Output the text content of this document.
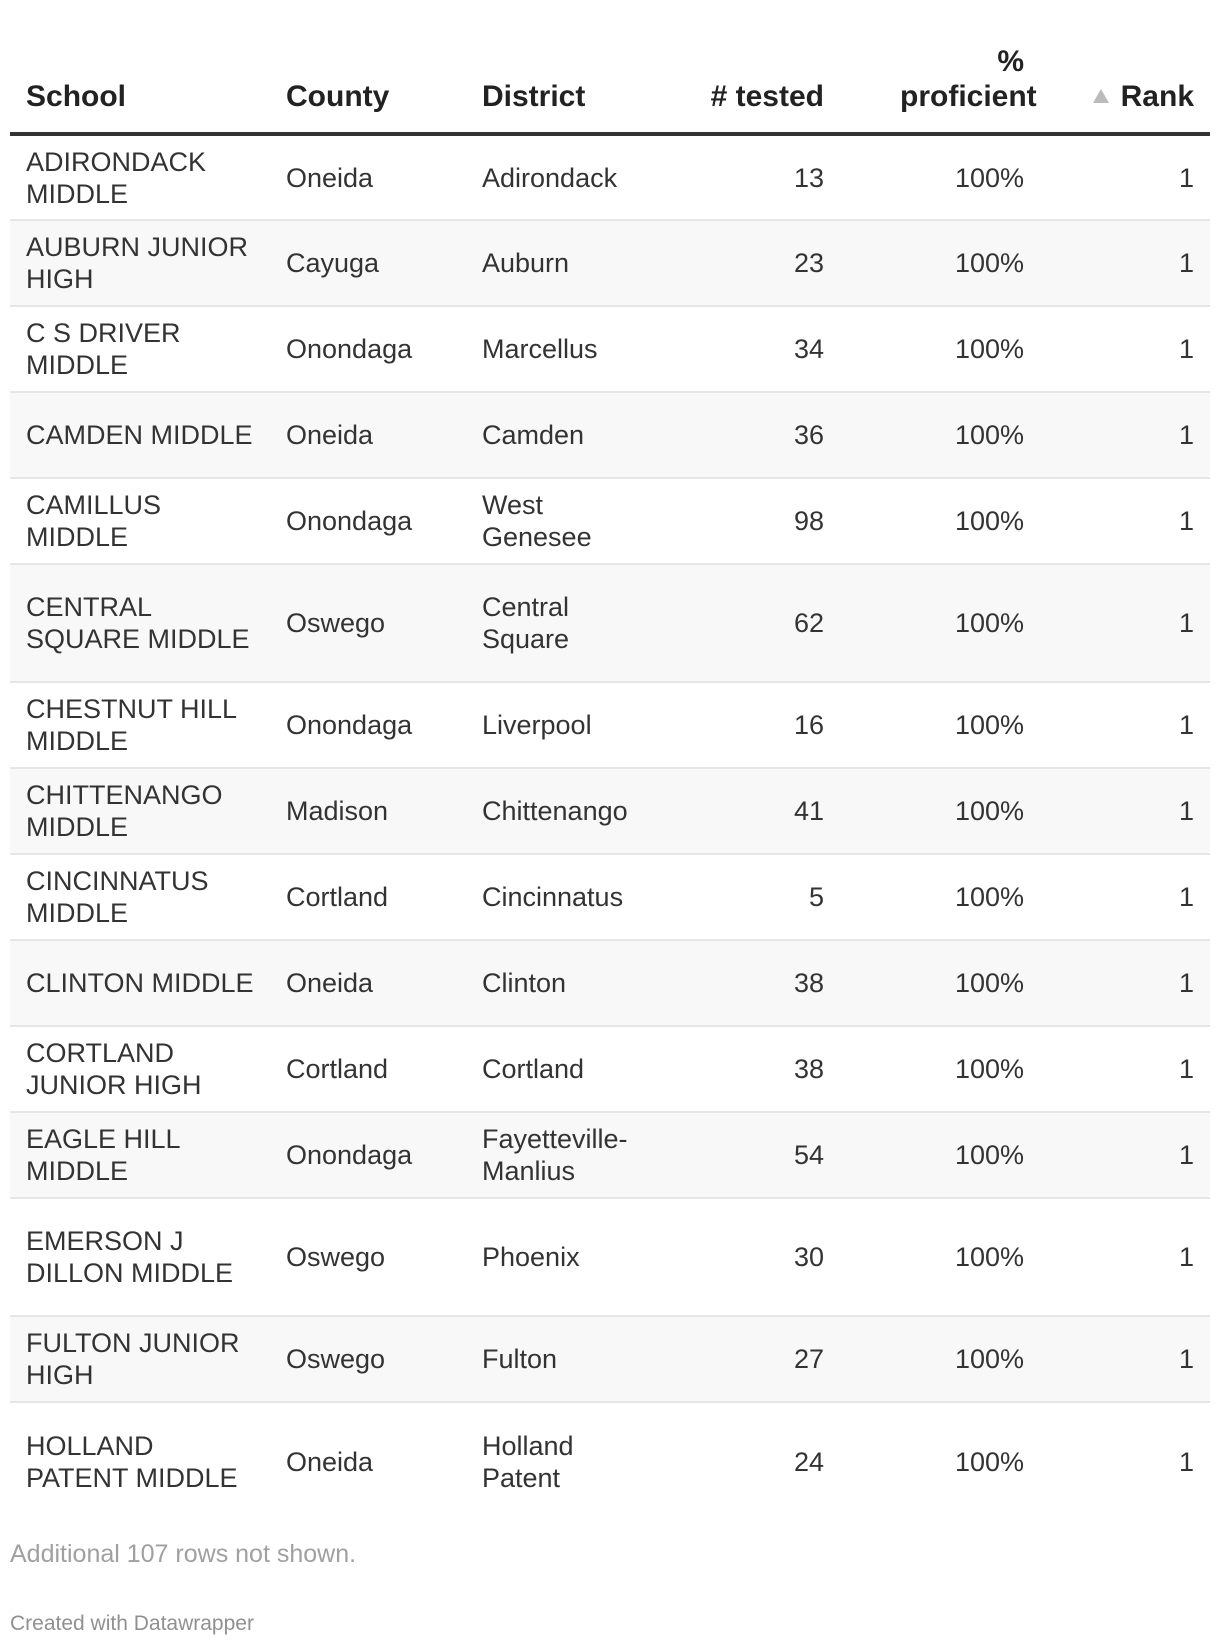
School	County	District	# tested	% proficient	Rank
ADIRONDACK MIDDLE	Oneida	Adirondack	13	100%	1
AUBURN JUNIOR HIGH	Cayuga	Auburn	23	100%	1
C S DRIVER MIDDLE	Onondaga	Marcellus	34	100%	1
CAMDEN MIDDLE	Oneida	Camden	36	100%	1
CAMILLUS MIDDLE	Onondaga	West Genesee	98	100%	1
CENTRAL SQUARE MIDDLE	Oswego	Central Square	62	100%	1
CHESTNUT HILL MIDDLE	Onondaga	Liverpool	16	100%	1
CHITTENANGO MIDDLE	Madison	Chittenango	41	100%	1
CINCINNATUS MIDDLE	Cortland	Cincinnatus	5	100%	1
CLINTON MIDDLE	Oneida	Clinton	38	100%	1
CORTLAND JUNIOR HIGH	Cortland	Cortland	38	100%	1
EAGLE HILL MIDDLE	Onondaga	Fayetteville-Manlius	54	100%	1
EMERSON J DILLON MIDDLE	Oswego	Phoenix	30	100%	1
FULTON JUNIOR HIGH	Oswego	Fulton	27	100%	1
HOLLAND PATENT MIDDLE	Oneida	Holland Patent	24	100%	1
Additional 107 rows not shown.
Created with Datawrapper
